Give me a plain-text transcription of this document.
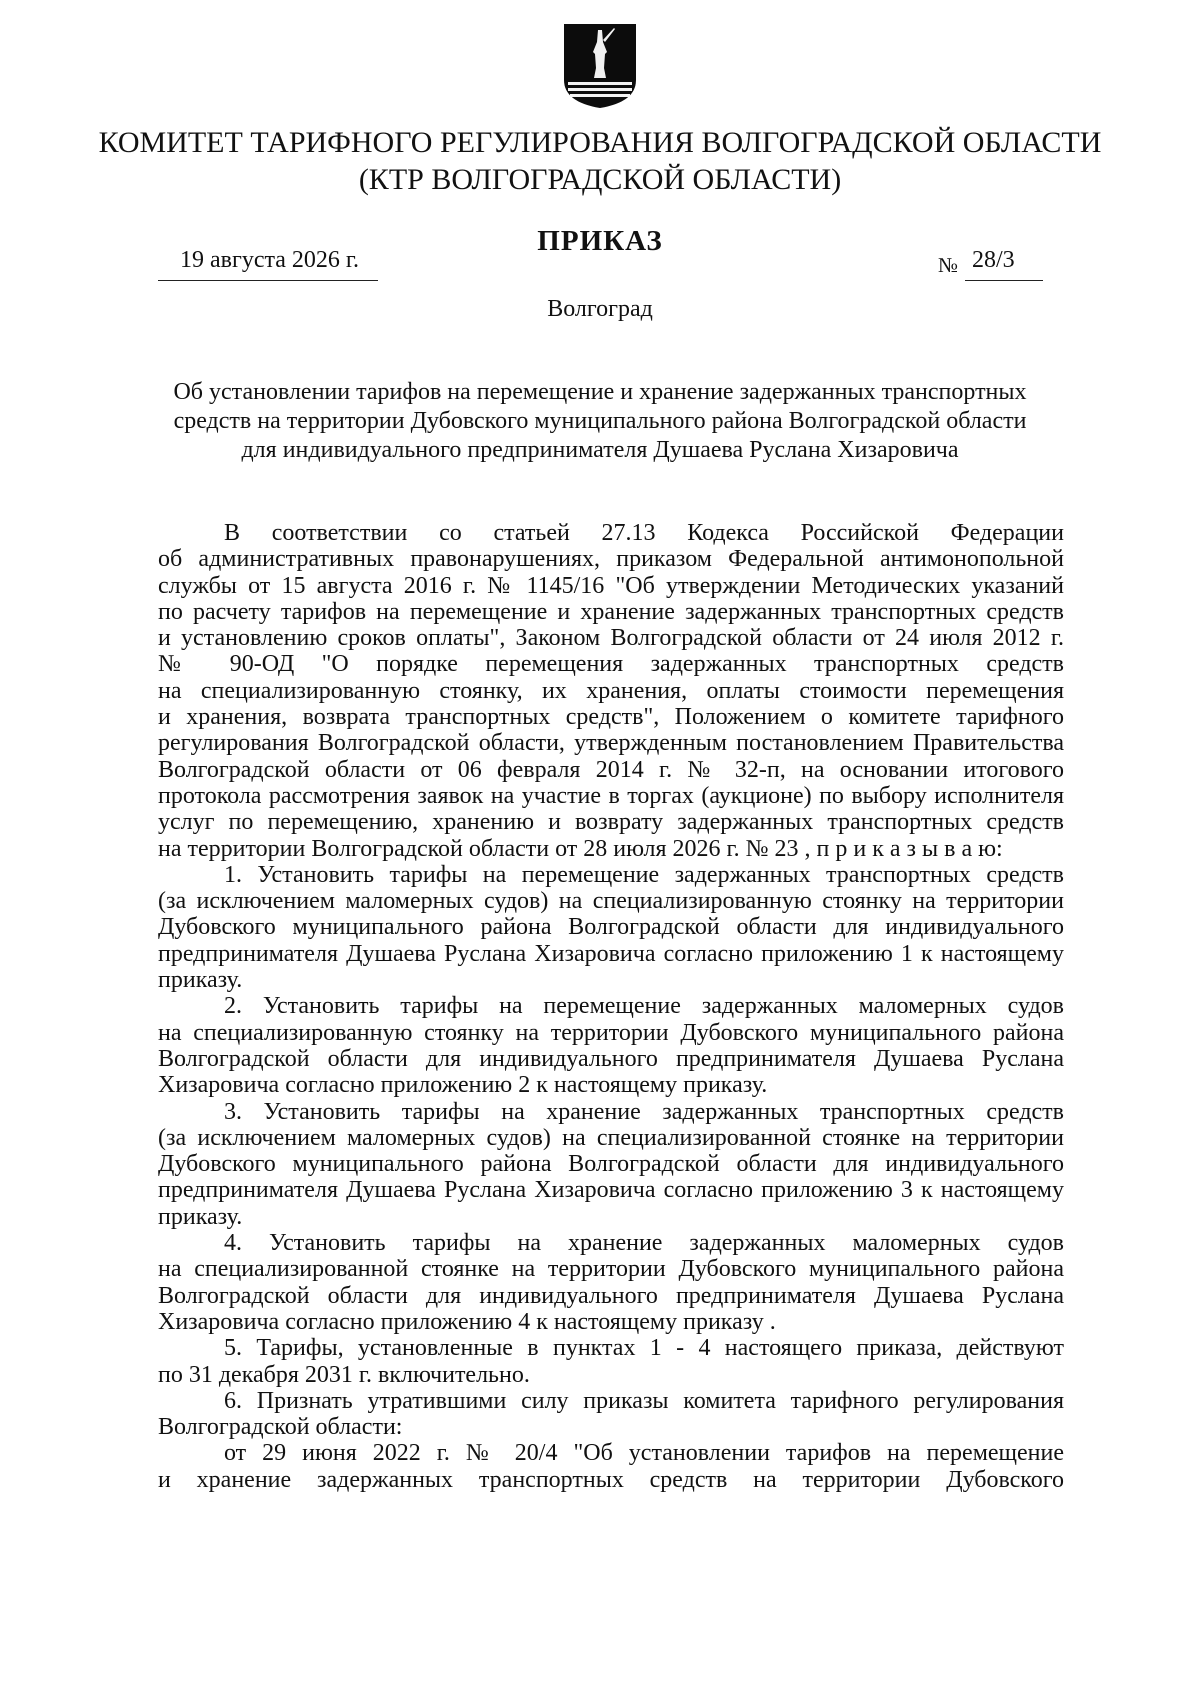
КОМИТЕТ ТАРИФНОГО РЕГУЛИРОВАНИЯ ВОЛГОГРАДСКОЙ ОБЛАСТИ
(КТР ВОЛГОГРАДСКОЙ ОБЛАСТИ)
ПРИКАЗ
19 августа 2026 г.	№ 28/3
Волгоград
Об установлении тарифов на перемещение и хранение задержанных транспортных
средств на территории Дубовского муниципального района Волгоградской области
для индивидуального предпринимателя Душаева Руслана Хизаровича
В соответствии со статьей 27.13 Кодекса Российской Федерации
об административных правонарушениях, приказом Федеральной антимонопольной
службы от 15 августа 2016 г. № 1145/16 "Об утверждении Методических указаний
по расчету тарифов на перемещение и хранение задержанных транспортных средств
и установлению сроков оплаты", Законом Волгоградской области от 24 июля 2012 г.
№ 90-ОД "О порядке перемещения задержанных транспортных средств
на специализированную стоянку, их хранения, оплаты стоимости перемещения
и хранения, возврата транспортных средств", Положением о комитете тарифного
регулирования Волгоградской области, утвержденным постановлением Правительства
Волгоградской области от 06 февраля 2014 г. № 32-п, на основании итогового
протокола рассмотрения заявок на участие в торгах (аукционе) по выбору исполнителя
услуг по перемещению, хранению и возврату задержанных транспортных средств
на территории Волгоградской области от 28 июля 2026 г. № 23 , п р и к а з ы в а ю:
1. Установить тарифы на перемещение задержанных транспортных средств
(за исключением маломерных судов) на специализированную стоянку на территории
Дубовского муниципального района Волгоградской области для индивидуального
предпринимателя Душаева Руслана Хизаровича согласно приложению 1 к настоящему
приказу.
2. Установить тарифы на перемещение задержанных маломерных судов
на специализированную стоянку на территории Дубовского муниципального района
Волгоградской области для индивидуального предпринимателя Душаева Руслана
Хизаровича согласно приложению 2 к настоящему приказу.
3. Установить тарифы на хранение задержанных транспортных средств
(за исключением маломерных судов) на специализированной стоянке на территории
Дубовского муниципального района Волгоградской области для индивидуального
предпринимателя Душаева Руслана Хизаровича согласно приложению 3 к настоящему
приказу.
4. Установить тарифы на хранение задержанных маломерных судов
на специализированной стоянке на территории Дубовского муниципального района
Волгоградской области для индивидуального предпринимателя Душаева Руслана
Хизаровича согласно приложению 4 к настоящему приказу .
5. Тарифы, установленные в пунктах 1 - 4 настоящего приказа, действуют
по 31 декабря 2031 г. включительно.
6. Признать утратившими силу приказы комитета тарифного регулирования
Волгоградской области:
от 29 июня 2022 г. № 20/4 "Об установлении тарифов на перемещение
и хранение задержанных транспортных средств на территории Дубовского
